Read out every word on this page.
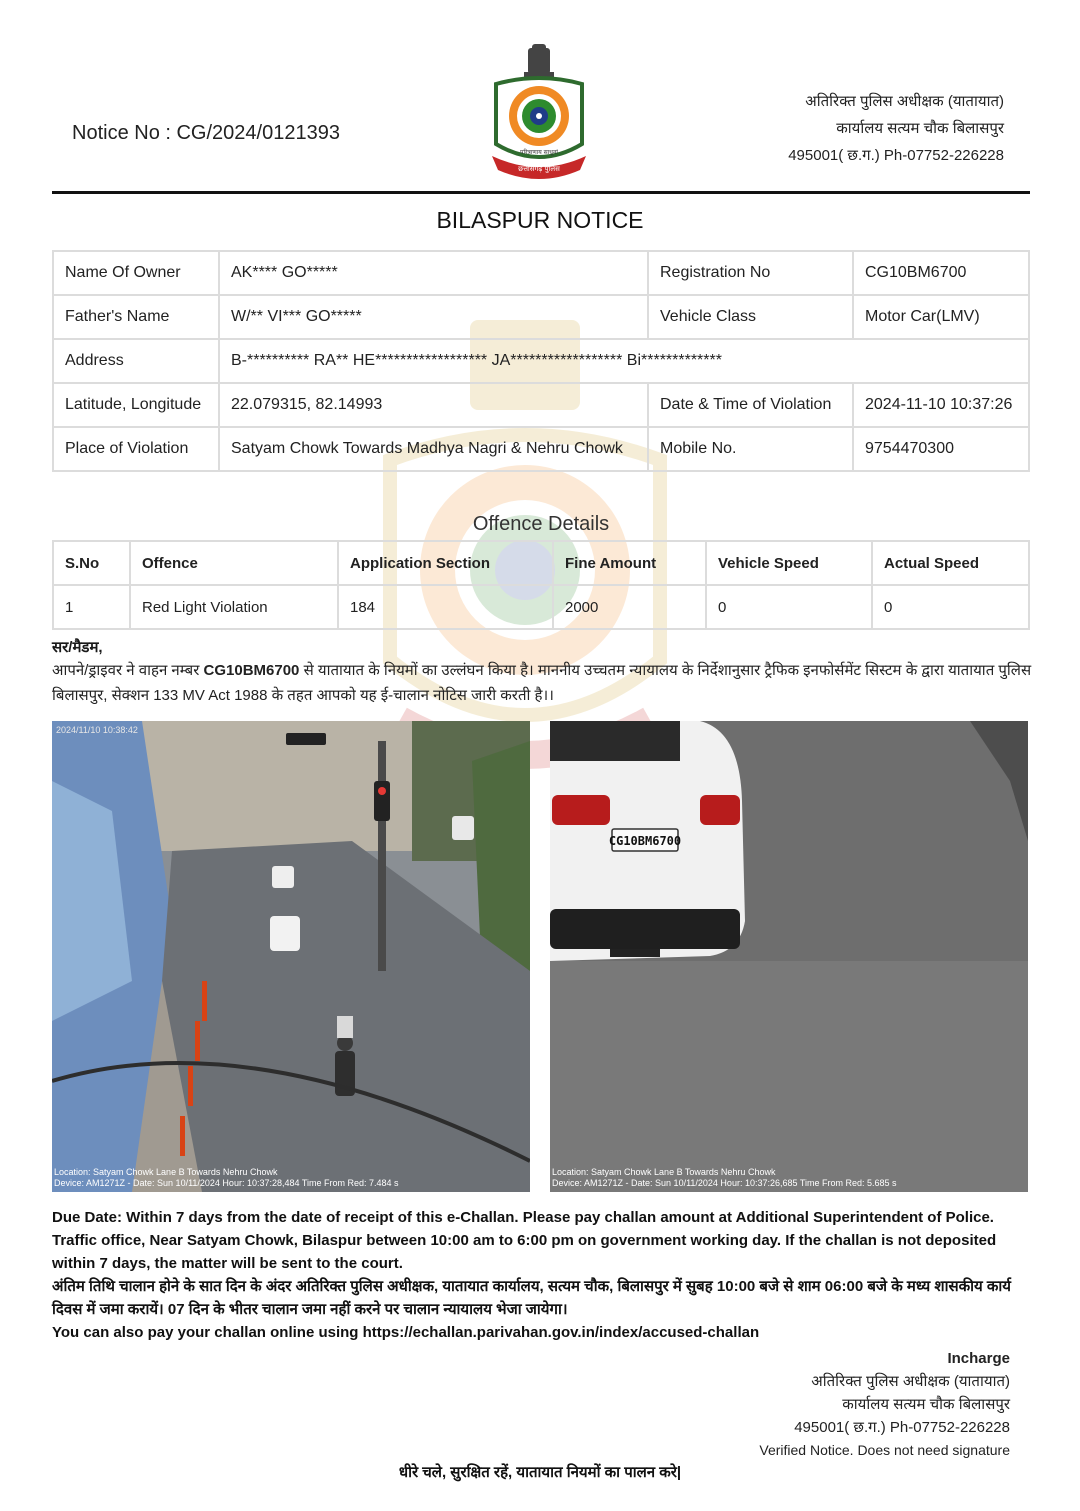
Notice No : CG/2024/0121393
छत्तीसगढ़ पुलिस
परित्राणाय साधूनां
अतिरिक्त पुलिस अधीक्षक (यातायात)
कार्यालय सत्यम चौक बिलासपुर
495001( छ.ग.) Ph-07752-226228
BILASPUR NOTICE
Name Of Owner	AK**** GO*****	Registration No	CG10BM6700
Father's Name	W/** VI*** GO*****	Vehicle Class	Motor Car(LMV)
Address	B-********** RA** HE****************** JA****************** Bi*************		
Latitude, Longitude	22.079315, 82.14993	Date & Time of Violation	2024-11-10 10:37:26
Place of Violation	Satyam Chowk Towards Madhya Nagri & Nehru Chowk	Mobile No.	9754470300
Offence Details
S.No	Offence	Application Section	Fine Amount	Vehicle Speed	Actual Speed
1	Red Light Violation	184	2000	0	0
सर/मैडम,
आपने/ड्राइवर ने वाहन नम्बर CG10BM6700 से यातायात के नियमों का उल्लंघन किया है। माननीय उच्चतम न्यायालय के निर्देशानुसार ट्रैफिक इनफोर्समेंट सिस्टम के द्वारा यातायात पुलिस बिलासपुर, सेक्शन 133 MV Act 1988 के तहत आपको यह ई-चालान नोटिस जारी करती है।।
2024/11/10 10:38:42
Location: Satyam Chowk Lane B Towards Nehru Chowk
Device: AM1271Z - Date: Sun 10/11/2024 Hour: 10:37:28,484 Time From Red: 7.484 s
CG10BM6700
Location: Satyam Chowk Lane B Towards Nehru Chowk
Device: AM1271Z - Date: Sun 10/11/2024 Hour: 10:37:26,685 Time From Red: 5.685 s

Due Date: Within 7 days from the date of receipt of this e-Challan. Please pay challan amount at Additional Superintendent of Police. Traffic office, Near Satyam Chowk, Bilaspur between 10:00 am to 6:00 pm on government working day. If the challan is not deposited within 7 days, the matter will be sent to the court.

अंतिम तिथि चालान होने के सात दिन के अंदर अतिरिक्त पुलिस अधीक्षक, यातायात कार्यालय, सत्यम चौक, बिलासपुर में सुबह 10:00 बजे से शाम 06:00 बजे के मध्य शासकीय कार्य दिवस में जमा करायें। 07 दिन के भीतर चालान जमा नहीं करने पर चालान न्यायालय भेजा जायेगा।

You can also pay your challan online using https://echallan.parivahan.gov.in/index/accused-challan

Incharge
अतिरिक्त पुलिस अधीक्षक (यातायात)
कार्यालय सत्यम चौक बिलासपुर
495001( छ.ग.) Ph-07752-226228
Verified Notice. Does not need signature
धीरे चले, सुरक्षित रहें, यातायात नियमों का पालन करे|
